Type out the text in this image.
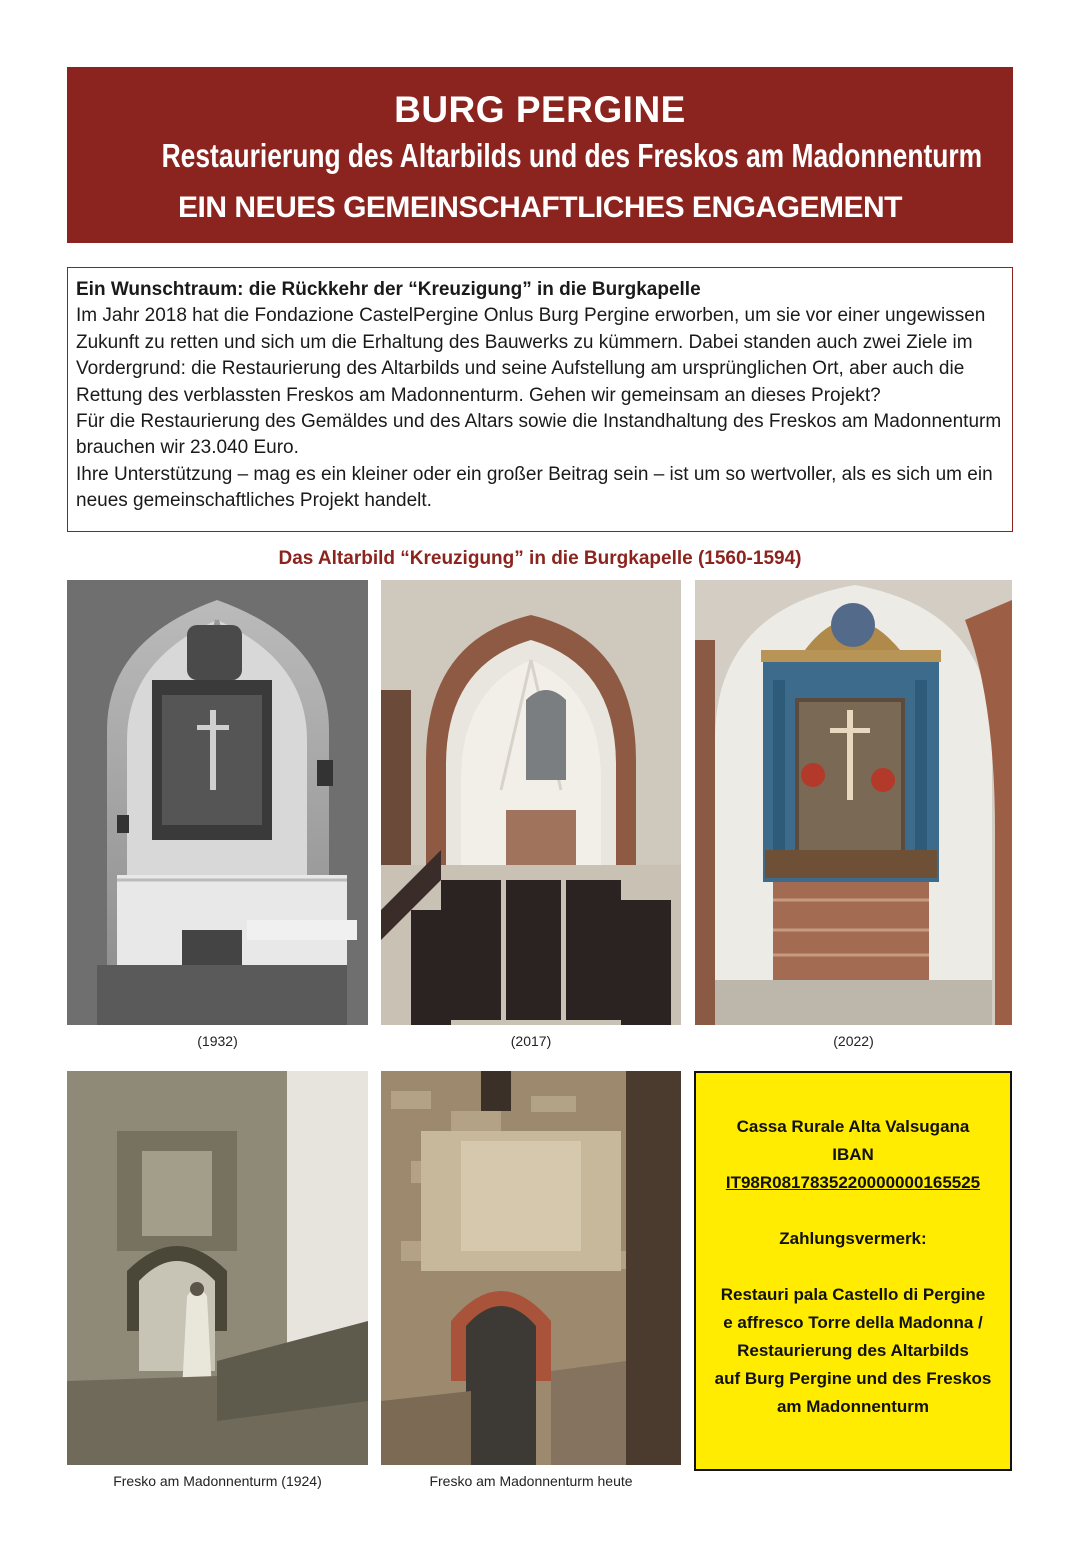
BURG PERGINE
Restaurierung des Altarbilds und des Freskos am Madonnenturm
EIN NEUES GEMEINSCHAFTLICHES ENGAGEMENT

Ein Wunschtraum: die Rückkehr der “Kreuzigung” in die Burgkapelle

Im Jahr 2018 hat die Fondazione CastelPergine Onlus Burg Pergine erworben, um sie vor einer ungewissen Zukunft zu retten und sich um die Erhaltung des Bauwerks zu kümmern. Dabei standen auch zwei Ziele im Vordergrund: die Restaurierung des Altarbilds und seine Aufstellung am ursprünglichen Ort, aber auch die Rettung des verblassten Freskos am Madonnenturm. Gehen wir gemeinsam an dieses Projekt?

Für die Restaurierung des Gemäldes und des Altars sowie die Instandhaltung des Freskos am Madonnenturm brauchen wir 23.040 Euro.

Ihre Unterstützung – mag es ein kleiner oder ein großer Beitrag sein – ist um so wertvoller, als es sich um ein neues gemeinschaftliches Projekt handelt.

Das Altarbild “Kreuzigung” in die Burgkapelle (1560-1594)
(1932)	(2017)	(2022)
Fresko am Madonnenturm (1924)	Fresko am Madonnenturm heute

Cassa Rurale Alta Valsugana

IBAN

IT98R0817835220000000165525

Zahlungsvermerk:

Restauri pala Castello di Pergine

e affresco Torre della Madonna /

Restaurierung des Altarbilds

auf Burg Pergine und des Freskos

am Madonnenturm
